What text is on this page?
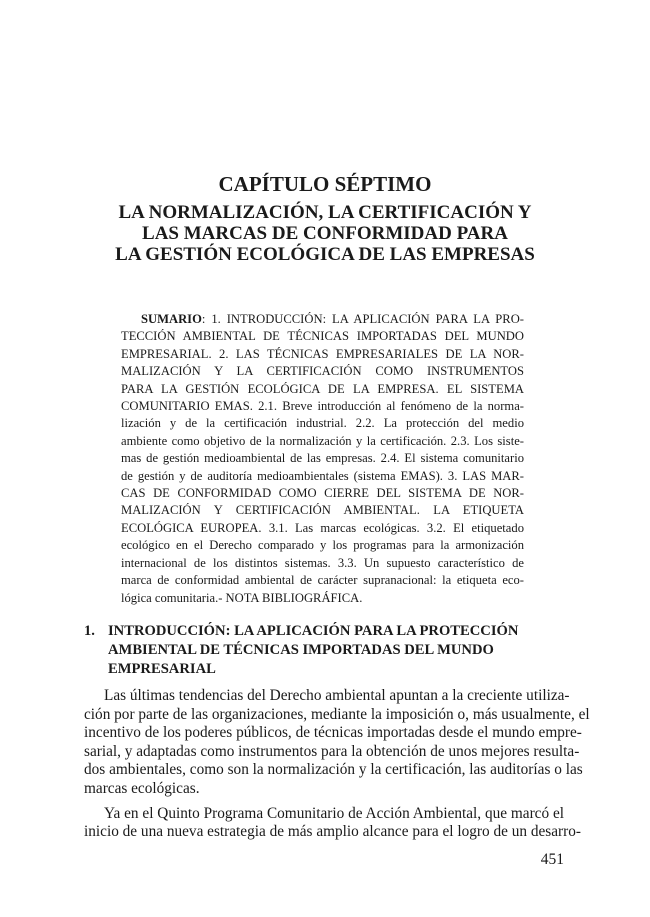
CAPÍTULO SÉPTIMO
LA NORMALIZACIÓN, LA CERTIFICACIÓN Y
LAS MARCAS DE CONFORMIDAD PARA
LA GESTIÓN ECOLÓGICA DE LAS EMPRESAS
SUMARIO: 1. INTRODUCCIÓN: LA APLICACIÓN PARA LA PRO-
TECCIÓN AMBIENTAL DE TÉCNICAS IMPORTADAS DEL MUNDO
EMPRESARIAL. 2. LAS TÉCNICAS EMPRESARIALES DE LA NOR-
MALIZACIÓN Y LA CERTIFICACIÓN COMO INSTRUMENTOS
PARA LA GESTIÓN ECOLÓGICA DE LA EMPRESA. EL SISTEMA
COMUNITARIO EMAS. 2.1. Breve introducción al fenómeno de la norma-
lización y de la certificación industrial. 2.2. La protección del medio
ambiente como objetivo de la normalización y la certificación. 2.3. Los siste-
mas de gestión medioambiental de las empresas. 2.4. El sistema comunitario
de gestión y de auditoría medioambientales (sistema EMAS). 3. LAS MAR-
CAS DE CONFORMIDAD COMO CIERRE DEL SISTEMA DE NOR-
MALIZACIÓN Y CERTIFICACIÓN AMBIENTAL. LA ETIQUETA
ECOLÓGICA EUROPEA. 3.1. Las marcas ecológicas. 3.2. El etiquetado
ecológico en el Derecho comparado y los programas para la armonización
internacional de los distintos sistemas. 3.3. Un supuesto característico de
marca de conformidad ambiental de carácter supranacional: la etiqueta eco-
lógica comunitaria.- NOTA BIBLIOGRÁFICA.
1. INTRODUCCIÓN: LA APLICACIÓN PARA LA PROTECCIÓN
AMBIENTAL DE TÉCNICAS IMPORTADAS DEL MUNDO
EMPRESARIAL

Las últimas tendencias del Derecho ambiental apuntan a la creciente utiliza-
ción por parte de las organizaciones, mediante la imposición o, más usualmente, el
incentivo de los poderes públicos, de técnicas importadas desde el mundo empre-
sarial, y adaptadas como instrumentos para la obtención de unos mejores resulta-
dos ambientales, como son la normalización y la certificación, las auditorías o las
marcas ecológicas.

Ya en el Quinto Programa Comunitario de Acción Ambiental, que marcó el
inicio de una nueva estrategia de más amplio alcance para el logro de un desarro-

451
